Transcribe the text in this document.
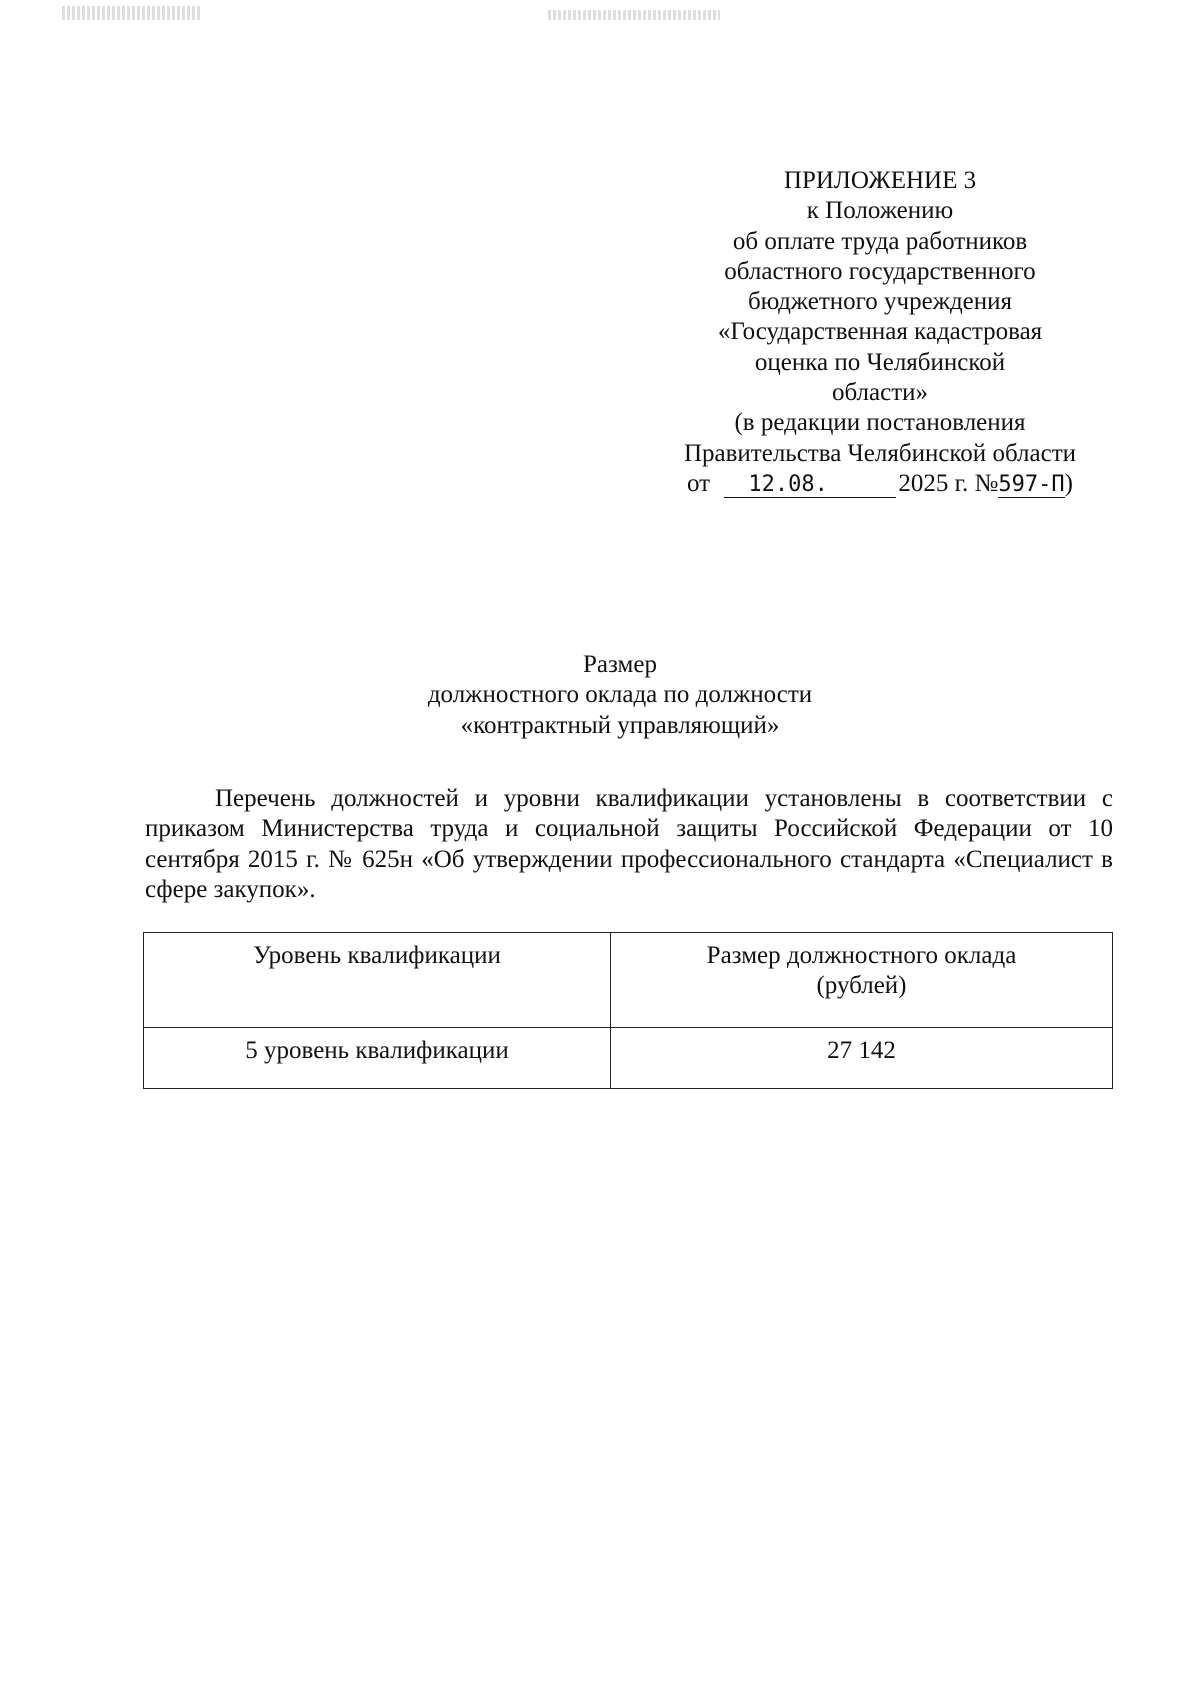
ПРИЛОЖЕНИЕ 3
к Положению
об оплате труда работников
областного государственного
бюджетного учреждения
«Государственная кадастровая
оценка по Челябинской
области»
(в редакции постановления
Правительства Челябинской области
от 12.08.	2025 г. №597-П)
Размер
должностного оклада по должности
«контрактный управляющий»

Перечень должностей и уровни квалификации установлены в соответствии с приказом Министерства труда и социальной защиты Российской Федерации от 10 сентября 2015 г. № 625н «Об утверждении профессионального стандарта «Специалист в сфере закупок».

Уровень квалификации	Размер должностного оклада (рублей)
5 уровень квалификации	27 142
